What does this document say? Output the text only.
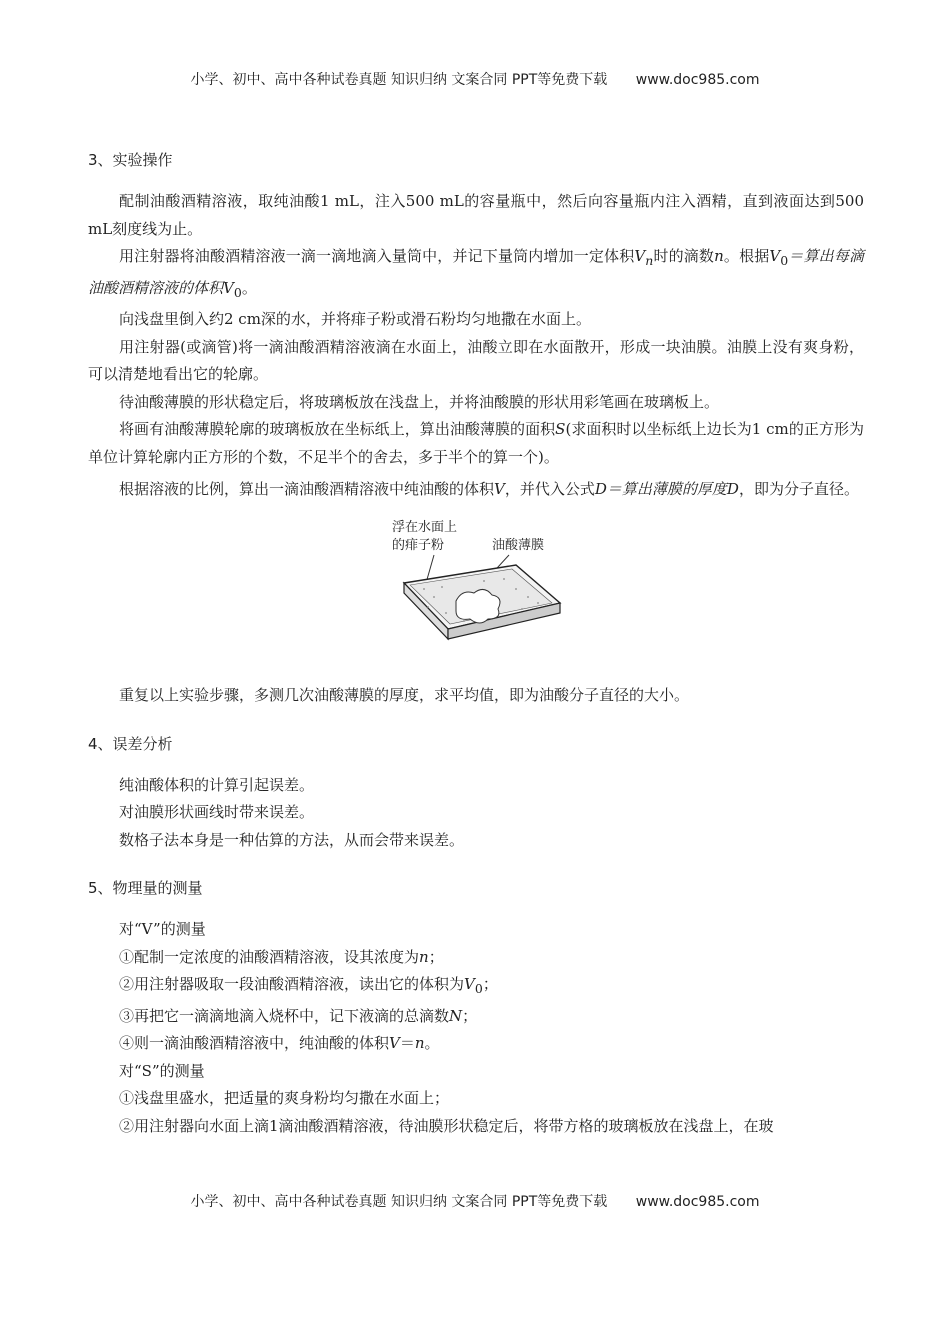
小学、初中、高中各种试卷真题 知识归纳 文案合同 PPT等免费下载 www.doc985.com
3、实验操作

配制油酸酒精溶液，取纯油酸1 mL，注入500 mL的容量瓶中，然后向容量瓶内注入酒精，直到液面达到500 mL刻度线为止。

用注射器将油酸酒精溶液一滴一滴地滴入量筒中，并记下量筒内增加一定体积$V_n$时的滴数n。根据$V_0=$算出每滴油酸酒精溶液的体积$V_0$。

向浅盘里倒入约2 cm深的水，并将痱子粉或滑石粉均匀地撒在水面上。

用注射器(或滴管)将一滴油酸酒精溶液滴在水面上，油酸立即在水面散开，形成一块油膜。油膜上没有爽身粉，可以清楚地看出它的轮廓。

待油酸薄膜的形状稳定后，将玻璃板放在浅盘上，并将油酸膜的形状用彩笔画在玻璃板上。

将画有油酸薄膜轮廓的玻璃板放在坐标纸上，算出油酸薄膜的面积S(求面积时以坐标纸上边长为1 cm的正方形为单位计算轮廓内正方形的个数，不足半个的舍去，多于半个的算一个)。

根据溶液的比例，算出一滴油酸酒精溶液中纯油酸的体积V，并代入公式D＝算出薄膜的厚度D，即为分子直径。

浮在水面上
的痱子粉	油酸薄膜

重复以上实验步骤，多测几次油酸薄膜的厚度，求平均值，即为油酸分子直径的大小。

4、误差分析

纯油酸体积的计算引起误差。

对油膜形状画线时带来误差。

数格子法本身是一种估算的方法，从而会带来误差。

5、物理量的测量

对“V”的测量

①配制一定浓度的油酸酒精溶液，设其浓度为n；

②用注射器吸取一段油酸酒精溶液，读出它的体积为$V_0$；

③再把它一滴滴地滴入烧杯中，记下液滴的总滴数N；

④则一滴油酸酒精溶液中，纯油酸的体积V＝n。

对“S”的测量

①浅盘里盛水，把适量的爽身粉均匀撒在水面上；

②用注射器向水面上滴1滴油酸酒精溶液，待油膜形状稳定后，将带方格的玻璃板放在浅盘上，在玻

小学、初中、高中各种试卷真题 知识归纳 文案合同 PPT等免费下载 www.doc985.com
